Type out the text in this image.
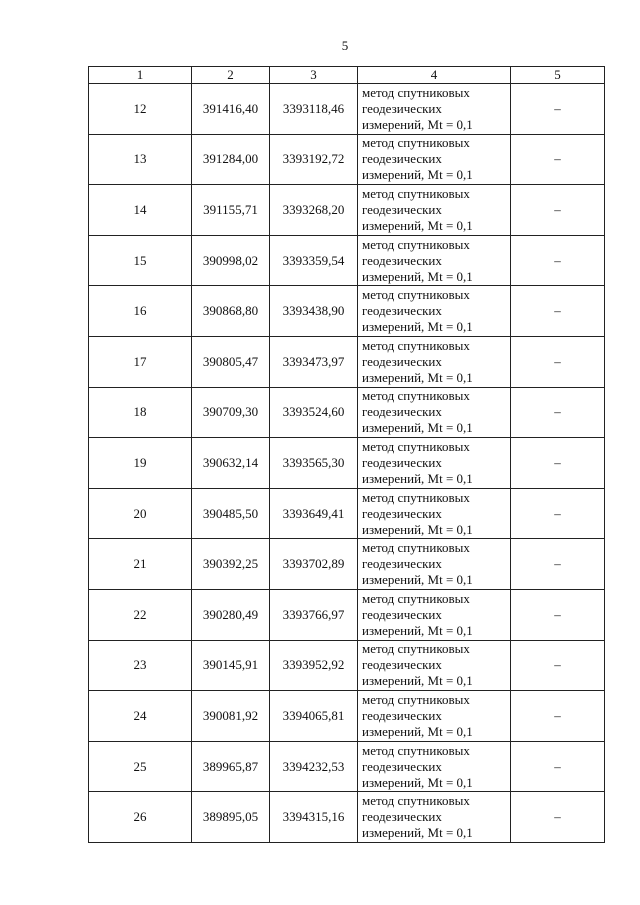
5
1	2	3	4	5
12	391416,40	3393118,46	метод спутниковых
геодезических
измерений, Mt = 0,1	–
13	391284,00	3393192,72	метод спутниковых
геодезических
измерений, Mt = 0,1	–
14	391155,71	3393268,20	метод спутниковых
геодезических
измерений, Mt = 0,1	–
15	390998,02	3393359,54	метод спутниковых
геодезических
измерений, Mt = 0,1	–
16	390868,80	3393438,90	метод спутниковых
геодезических
измерений, Mt = 0,1	–
17	390805,47	3393473,97	метод спутниковых
геодезических
измерений, Mt = 0,1	–
18	390709,30	3393524,60	метод спутниковых
геодезических
измерений, Mt = 0,1	–
19	390632,14	3393565,30	метод спутниковых
геодезических
измерений, Mt = 0,1	–
20	390485,50	3393649,41	метод спутниковых
геодезических
измерений, Mt = 0,1	–
21	390392,25	3393702,89	метод спутниковых
геодезических
измерений, Mt = 0,1	–
22	390280,49	3393766,97	метод спутниковых
геодезических
измерений, Mt = 0,1	–
23	390145,91	3393952,92	метод спутниковых
геодезических
измерений, Mt = 0,1	–
24	390081,92	3394065,81	метод спутниковых
геодезических
измерений, Mt = 0,1	–
25	389965,87	3394232,53	метод спутниковых
геодезических
измерений, Mt = 0,1	–
26	389895,05	3394315,16	метод спутниковых
геодезических
измерений, Mt = 0,1	–
